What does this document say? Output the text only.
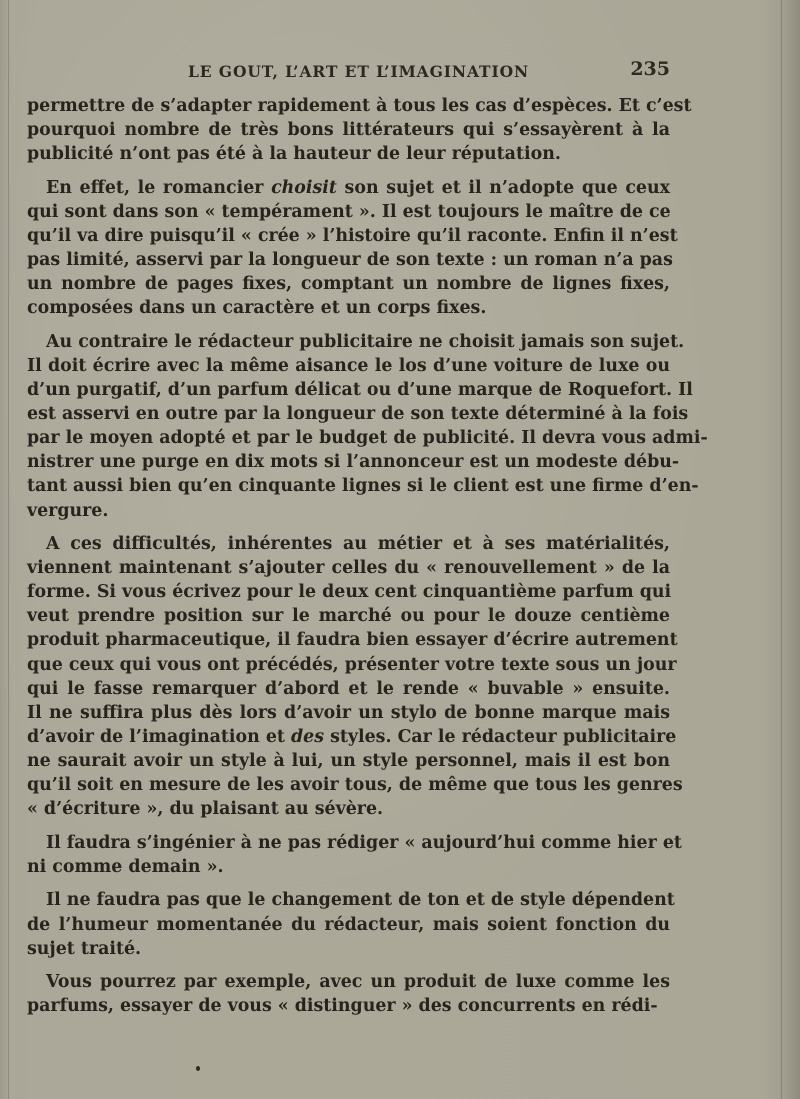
LE GOUT, L’ART ET L’IMAGINATION	235
permettre de s’adapter rapidement à tous les cas d’espèces. Et c’est
pourquoi nombre de très bons littérateurs qui s’essayèrent à la
publicité n’ont pas été à la hauteur de leur réputation.
En effet, le romancier choisit son sujet et il n’adopte que ceux
qui sont dans son « tempérament ». Il est toujours le maître de ce
qu’il va dire puisqu’il « crée » l’histoire qu’il raconte. Enfin il n’est
pas limité, asservi par la longueur de son texte : un roman n’a pas
un nombre de pages fixes, comptant un nombre de lignes fixes,
composées dans un caractère et un corps fixes.
Au contraire le rédacteur publicitaire ne choisit jamais son sujet.
Il doit écrire avec la même aisance le los d’une voiture de luxe ou
d’un purgatif, d’un parfum délicat ou d’une marque de Roquefort. Il
est asservi en outre par la longueur de son texte déterminé à la fois
par le moyen adopté et par le budget de publicité. Il devra vous admi-
nistrer une purge en dix mots si l’annonceur est un modeste débu-
tant aussi bien qu’en cinquante lignes si le client est une firme d’en-
vergure.
A ces difficultés, inhérentes au métier et à ses matérialités,
viennent maintenant s’ajouter celles du « renouvellement » de la
forme. Si vous écrivez pour le deux cent cinquantième parfum qui
veut prendre position sur le marché ou pour le douze centième
produit pharmaceutique, il faudra bien essayer d’écrire autrement
que ceux qui vous ont précédés, présenter votre texte sous un jour
qui le fasse remarquer d’abord et le rende « buvable » ensuite.
Il ne suffira plus dès lors d’avoir un stylo de bonne marque mais
d’avoir de l’imagination et des styles. Car le rédacteur publicitaire
ne saurait avoir un style à lui, un style personnel, mais il est bon
qu’il soit en mesure de les avoir tous, de même que tous les genres
« d’écriture », du plaisant au sévère.
Il faudra s’ingénier à ne pas rédiger « aujourd’hui comme hier et
ni comme demain ».
Il ne faudra pas que le changement de ton et de style dépendent
de l’humeur momentanée du rédacteur, mais soient fonction du
sujet traité.
Vous pourrez par exemple, avec un produit de luxe comme les
parfums, essayer de vous « distinguer » des concurrents en rédi-
